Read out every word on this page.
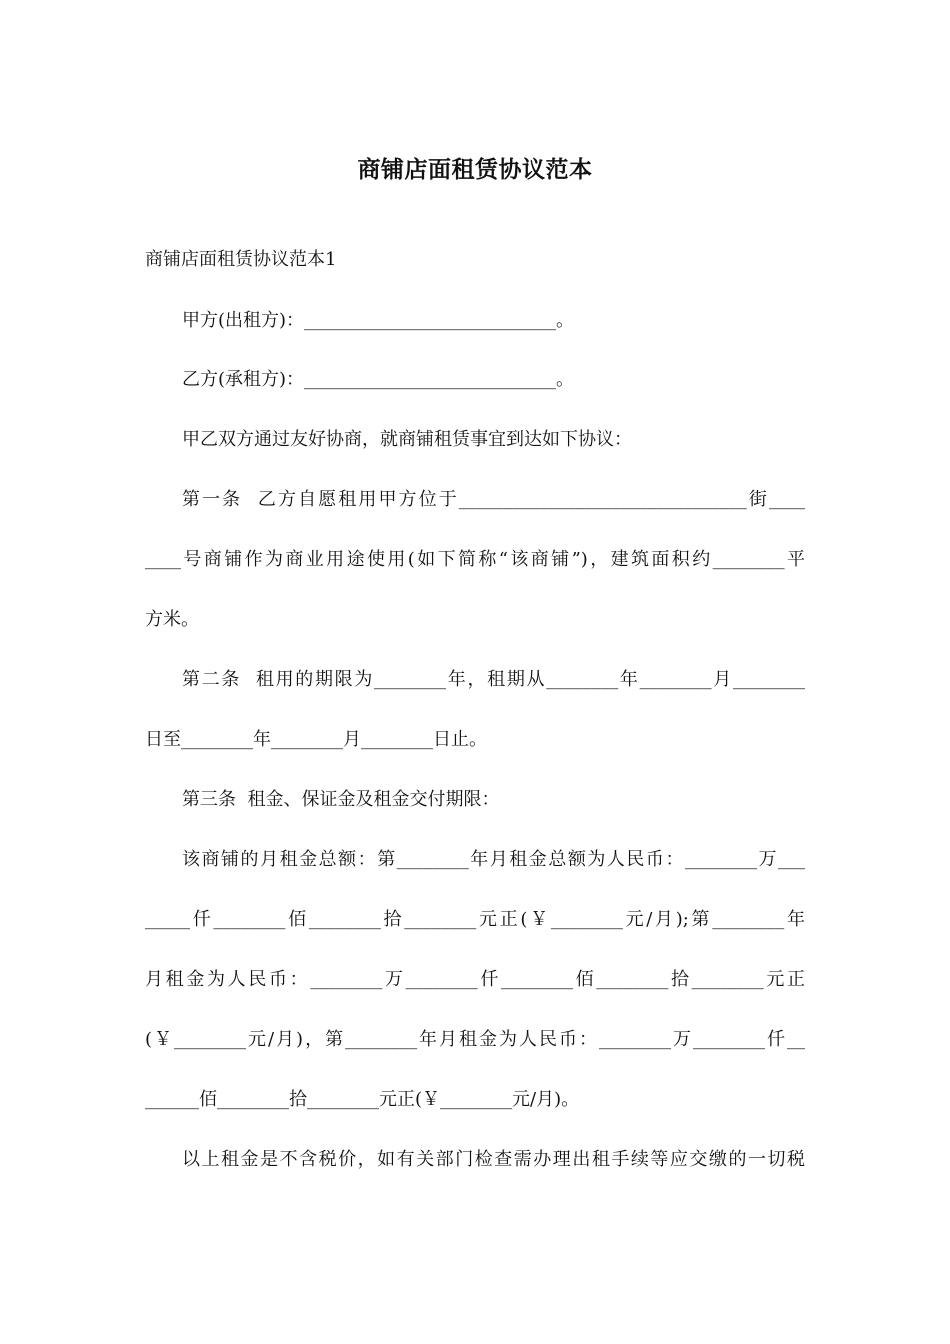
商铺店面租赁协议范本
商铺店面租赁协议范本1
甲方(出租方)：____________________________。
乙方(承租方)：____________________________。
甲乙双方通过友好协商，就商铺租赁事宜到达如下协议：
第一条  乙方自愿租用甲方位于________________________________街____
____号商铺作为商业用途使用(如下简称“该商铺”)，建筑面积约________平
方米。
第二条  租用的期限为________年，租期从________年________月________
日至________年________月________日止。
第三条  租金、保证金及租金交付期限：
该商铺的月租金总额：第________年月租金总额为人民币：________万___
_____仟________佰________拾________元正(￥________元/月);第________年
月租金为人民币：________万________仟________佰________拾________元正
(￥________元/月)，第________年月租金为人民币：________万________仟__
______佰________拾________元正(￥________元/月)。
以上租金是不含税价，如有关部门检查需办理出租手续等应交缴的一切税
